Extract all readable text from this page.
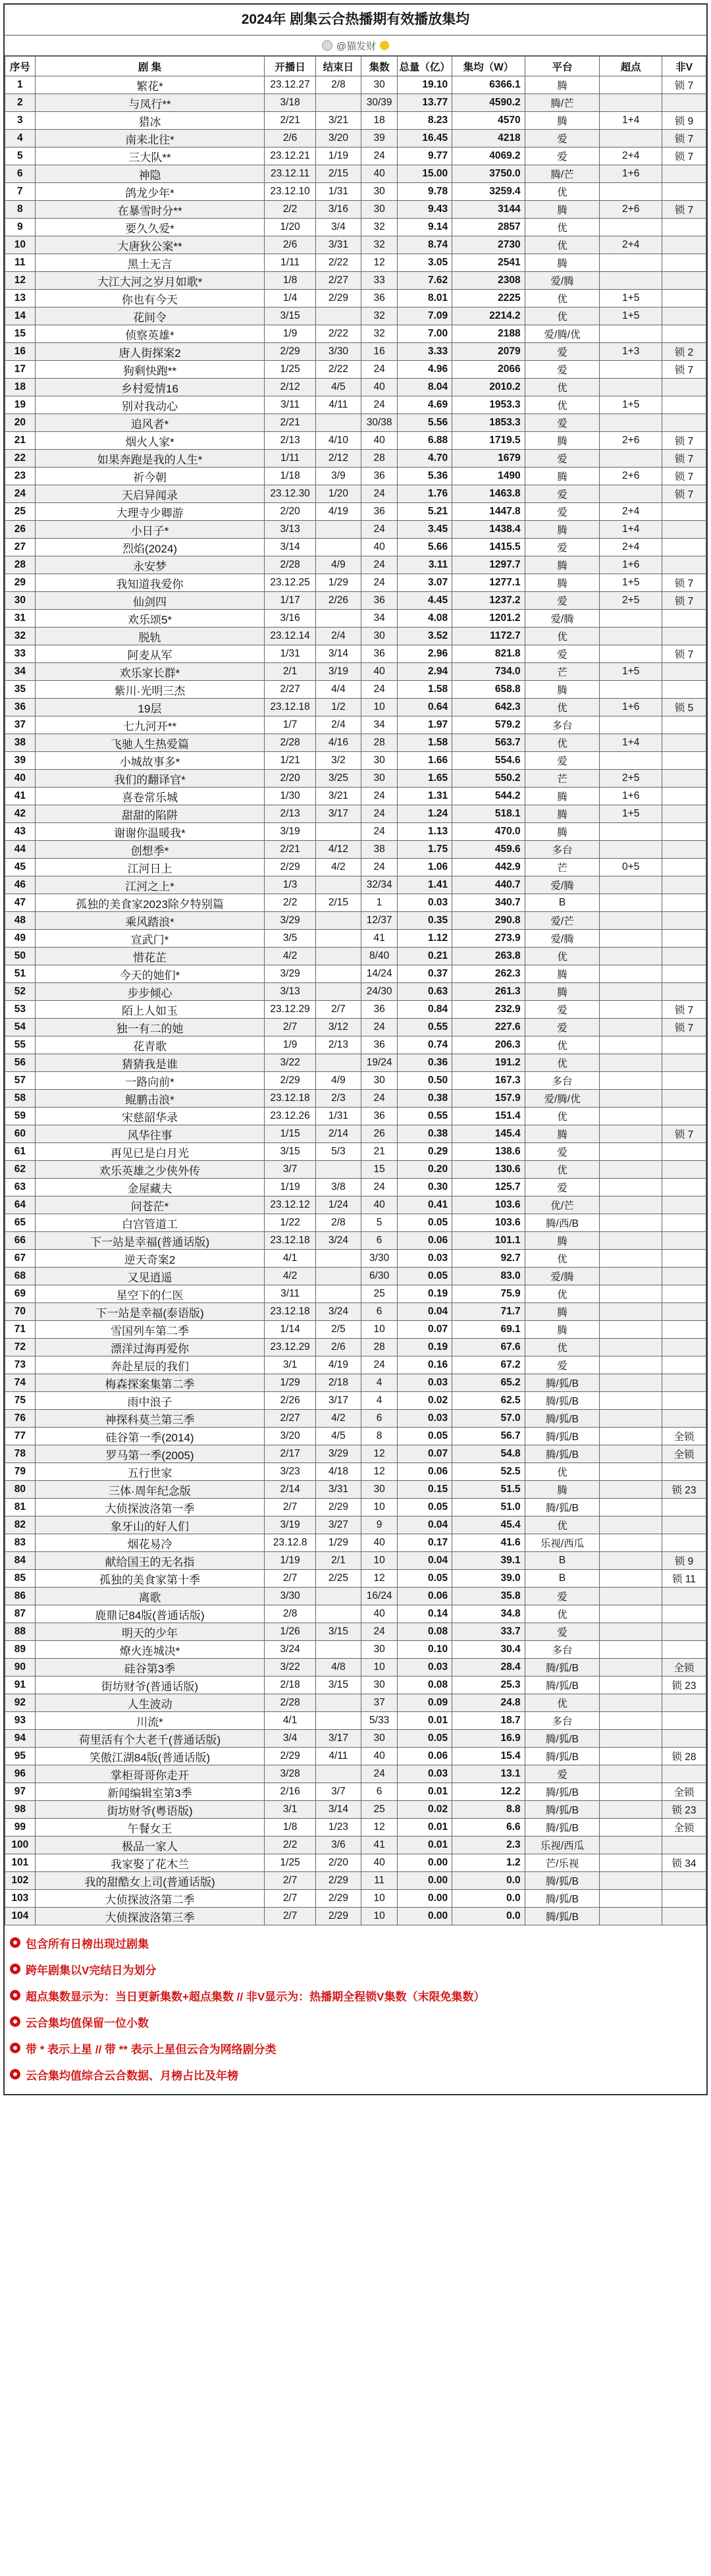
2024年 剧集云合热播期有效播放集均
@猫发财
序号	剧 集	开播日	结束日	集数	总量（亿）	集均（W）	平台	超点	非V
1	繁花*	23.12.27	2/8	30	19.10	6366.1	腾		锁 7
2	与凤行**	3/18		30/39	13.77	4590.2	腾/芒		
3	猎冰	2/21	3/21	18	8.23	4570	腾	1+4	锁 9
4	南来北往*	2/6	3/20	39	16.45	4218	爱		锁 7
5	三大队**	23.12.21	1/19	24	9.77	4069.2	爱	2+4	锁 7
6	神隐	23.12.11	2/15	40	15.00	3750.0	腾/芒	1+6	
7	鸽龙少年*	23.12.10	1/31	30	9.78	3259.4	优		
8	在暴雪时分**	2/2	3/16	30	9.43	3144	腾	2+6	锁 7
9	要久久爱*	1/20	3/4	32	9.14	2857	优		
10	大唐狄公案**	2/6	3/31	32	8.74	2730	优	2+4	
11	黑土无言	1/11	2/22	12	3.05	2541	腾		
12	大江大河之岁月如歌*	1/8	2/27	33	7.62	2308	爱/腾		
13	你也有今天	1/4	2/29	36	8.01	2225	优	1+5	
14	花间令	3/15		32	7.09	2214.2	优	1+5	
15	侦察英雄*	1/9	2/22	32	7.00	2188	爱/腾/优		
16	唐人街探案2	2/29	3/30	16	3.33	2079	爱	1+3	锁 2
17	狗剩快跑**	1/25	2/22	24	4.96	2066	爱		锁 7
18	乡村爱情16	2/12	4/5	40	8.04	2010.2	优		
19	别对我动心	3/11	4/11	24	4.69	1953.3	优	1+5	
20	追风者*	2/21		30/38	5.56	1853.3	爱		
21	烟火人家*	2/13	4/10	40	6.88	1719.5	腾	2+6	锁 7
22	如果奔跑是我的人生*	1/11	2/12	28	4.70	1679	爱		锁 7
23	祈今朝	1/18	3/9	36	5.36	1490	腾	2+6	锁 7
24	天启异闻录	23.12.30	1/20	24	1.76	1463.8	爱		锁 7
25	大理寺少卿游	2/20	4/19	36	5.21	1447.8	爱	2+4	
26	小日子*	3/13		24	3.45	1438.4	腾	1+4	
27	烈焰(2024)	3/14		40	5.66	1415.5	爱	2+4	
28	永安梦	2/28	4/9	24	3.11	1297.7	腾	1+6	
29	我知道我爱你	23.12.25	1/29	24	3.07	1277.1	腾	1+5	锁 7
30	仙剑四	1/17	2/26	36	4.45	1237.2	爱	2+5	锁 7
31	欢乐颂5*	3/16		34	4.08	1201.2	爱/腾		
32	脱轨	23.12.14	2/4	30	3.52	1172.7	优		
33	阿麦从军	1/31	3/14	36	2.96	821.8	爱		锁 7
34	欢乐家长群*	2/1	3/19	40	2.94	734.0	芒	1+5	
35	紫川·光明三杰	2/27	4/4	24	1.58	658.8	腾		
36	19层	23.12.18	1/2	10	0.64	642.3	优	1+6	锁 5
37	七九河开**	1/7	2/4	34	1.97	579.2	多台		
38	飞驰人生热爱篇	2/28	4/16	28	1.58	563.7	优	1+4	
39	小城故事多*	1/21	3/2	30	1.66	554.6	爱		
40	我们的翻译官*	2/20	3/25	30	1.65	550.2	芒	2+5	
41	喜卷常乐城	1/30	3/21	24	1.31	544.2	腾	1+6	
42	甜甜的陷阱	2/13	3/17	24	1.24	518.1	腾	1+5	
43	谢谢你温暖我*	3/19		24	1.13	470.0	腾		
44	创想季*	2/21	4/12	38	1.75	459.6	多台		
45	江河日上	2/29	4/2	24	1.06	442.9	芒	0+5	
46	江河之上*	1/3		32/34	1.41	440.7	爱/腾		
47	孤独的美食家2023除夕特别篇	2/2	2/15	1	0.03	340.7	B		
48	乘风踏浪*	3/29		12/37	0.35	290.8	爱/芒		
49	宣武门*	3/5		41	1.12	273.9	爱/腾		
50	惜花芷	4/2		8/40	0.21	263.8	优		
51	今天的她们*	3/29		14/24	0.37	262.3	腾		
52	步步倾心	3/13		24/30	0.63	261.3	腾		
53	陌上人如玉	23.12.29	2/7	36	0.84	232.9	爱		锁 7
54	独一有二的她	2/7	3/12	24	0.55	227.6	爱		锁 7
55	花青歌	1/9	2/13	36	0.74	206.3	优		
56	猜猜我是谁	3/22		19/24	0.36	191.2	优		
57	一路向前*	2/29	4/9	30	0.50	167.3	多台		
58	鲲鹏击浪*	23.12.18	2/3	24	0.38	157.9	爱/腾/优		
59	宋慈韶华录	23.12.26	1/31	36	0.55	151.4	优		
60	风华往事	1/15	2/14	26	0.38	145.4	腾		锁 7
61	再见已是白月光	3/15	5/3	21	0.29	138.6	爱		
62	欢乐英雄之少侠外传	3/7		15	0.20	130.6	优		
63	金屋藏夫	1/19	3/8	24	0.30	125.7	爱		
64	问苍茫*	23.12.12	1/24	40	0.41	103.6	优/芒		
65	白宫管道工	1/22	2/8	5	0.05	103.6	腾/西/B		
66	下一站是幸福(普通话版)	23.12.18	3/24	6	0.06	101.1	腾		
67	逆天奇案2	4/1		3/30	0.03	92.7	优		
68	又见逍遥	4/2		6/30	0.05	83.0	爱/腾		
69	星空下的仁医	3/11		25	0.19	75.9	优		
70	下一站是幸福(泰语版)	23.12.18	3/24	6	0.04	71.7	腾		
71	雪国列车第二季	1/14	2/5	10	0.07	69.1	腾		
72	漂洋过海再爱你	23.12.29	2/6	28	0.19	67.6	优		
73	奔赴星辰的我们	3/1	4/19	24	0.16	67.2	爱		
74	梅森探案集第二季	1/29	2/18	4	0.03	65.2	腾/狐/B		
75	雨中浪子	2/26	3/17	4	0.02	62.5	腾/狐/B		
76	神探科莫兰第三季	2/27	4/2	6	0.03	57.0	腾/狐/B		
77	硅谷第一季(2014)	3/20	4/5	8	0.05	56.7	腾/狐/B		全锁
78	罗马第一季(2005)	2/17	3/29	12	0.07	54.8	腾/狐/B		全锁
79	五行世家	3/23	4/18	12	0.06	52.5	优		
80	三体·周年纪念版	2/14	3/31	30	0.15	51.5	腾		锁 23
81	大侦探波洛第一季	2/7	2/29	10	0.05	51.0	腾/狐/B		
82	象牙山的好人们	3/19	3/27	9	0.04	45.4	优		
83	烟花易冷	23.12.8	1/29	40	0.17	41.6	乐视/西瓜		
84	献给国王的无名指	1/19	2/1	10	0.04	39.1	B		锁 9
85	孤独的美食家第十季	2/7	2/25	12	0.05	39.0	B		锁 11
86	离歌	3/30		16/24	0.06	35.8	爱		
87	鹿鼎记84版(普通话版)	2/8		40	0.14	34.8	优		
88	明天的少年	1/26	3/15	24	0.08	33.7	爱		
89	燎火连城决*	3/24		30	0.10	30.4	多台		
90	硅谷第3季	3/22	4/8	10	0.03	28.4	腾/狐/B		全锁
91	街坊财爷(普通话版)	2/18	3/15	30	0.08	25.3	腾/狐/B		锁 23
92	人生波动	2/28		37	0.09	24.8	优		
93	川流*	4/1		5/33	0.01	18.7	多台		
94	荷里活有个大老千(普通话版)	3/4	3/17	30	0.05	16.9	腾/狐/B		
95	笑傲江湖84版(普通话版)	2/29	4/11	40	0.06	15.4	腾/狐/B		锁 28
96	掌柜哥哥你走开	3/28		24	0.03	13.1	爱		
97	新闻编辑室第3季	2/16	3/7	6	0.01	12.2	腾/狐/B		全锁
98	街坊财爷(粤语版)	3/1	3/14	25	0.02	8.8	腾/狐/B		锁 23
99	午餐女王	1/8	1/23	12	0.01	6.6	腾/狐/B		全锁
100	极品一家人	2/2	3/6	41	0.01	2.3	乐视/西瓜		
101	我家娶了花木兰	1/25	2/20	40	0.00	1.2	芒/乐视		锁 34
102	我的甜酷女上司(普通话版)	2/7	2/29	11	0.00	0.0	腾/狐/B		
103	大侦探波洛第二季	2/7	2/29	10	0.00	0.0	腾/狐/B		
104	大侦探波洛第三季	2/7	2/29	10	0.00	0.0	腾/狐/B		
包含所有日榜出现过剧集
跨年剧集以V完结日为划分
超点集数显示为：当日更新集数+超点集数 // 非V显示为：热播期全程锁V集数（末限免集数）
云合集均值保留一位小数
带 * 表示上星 // 带 ** 表示上星但云合为网络剧分类
云合集均值综合云合数据、月榜占比及年榜
